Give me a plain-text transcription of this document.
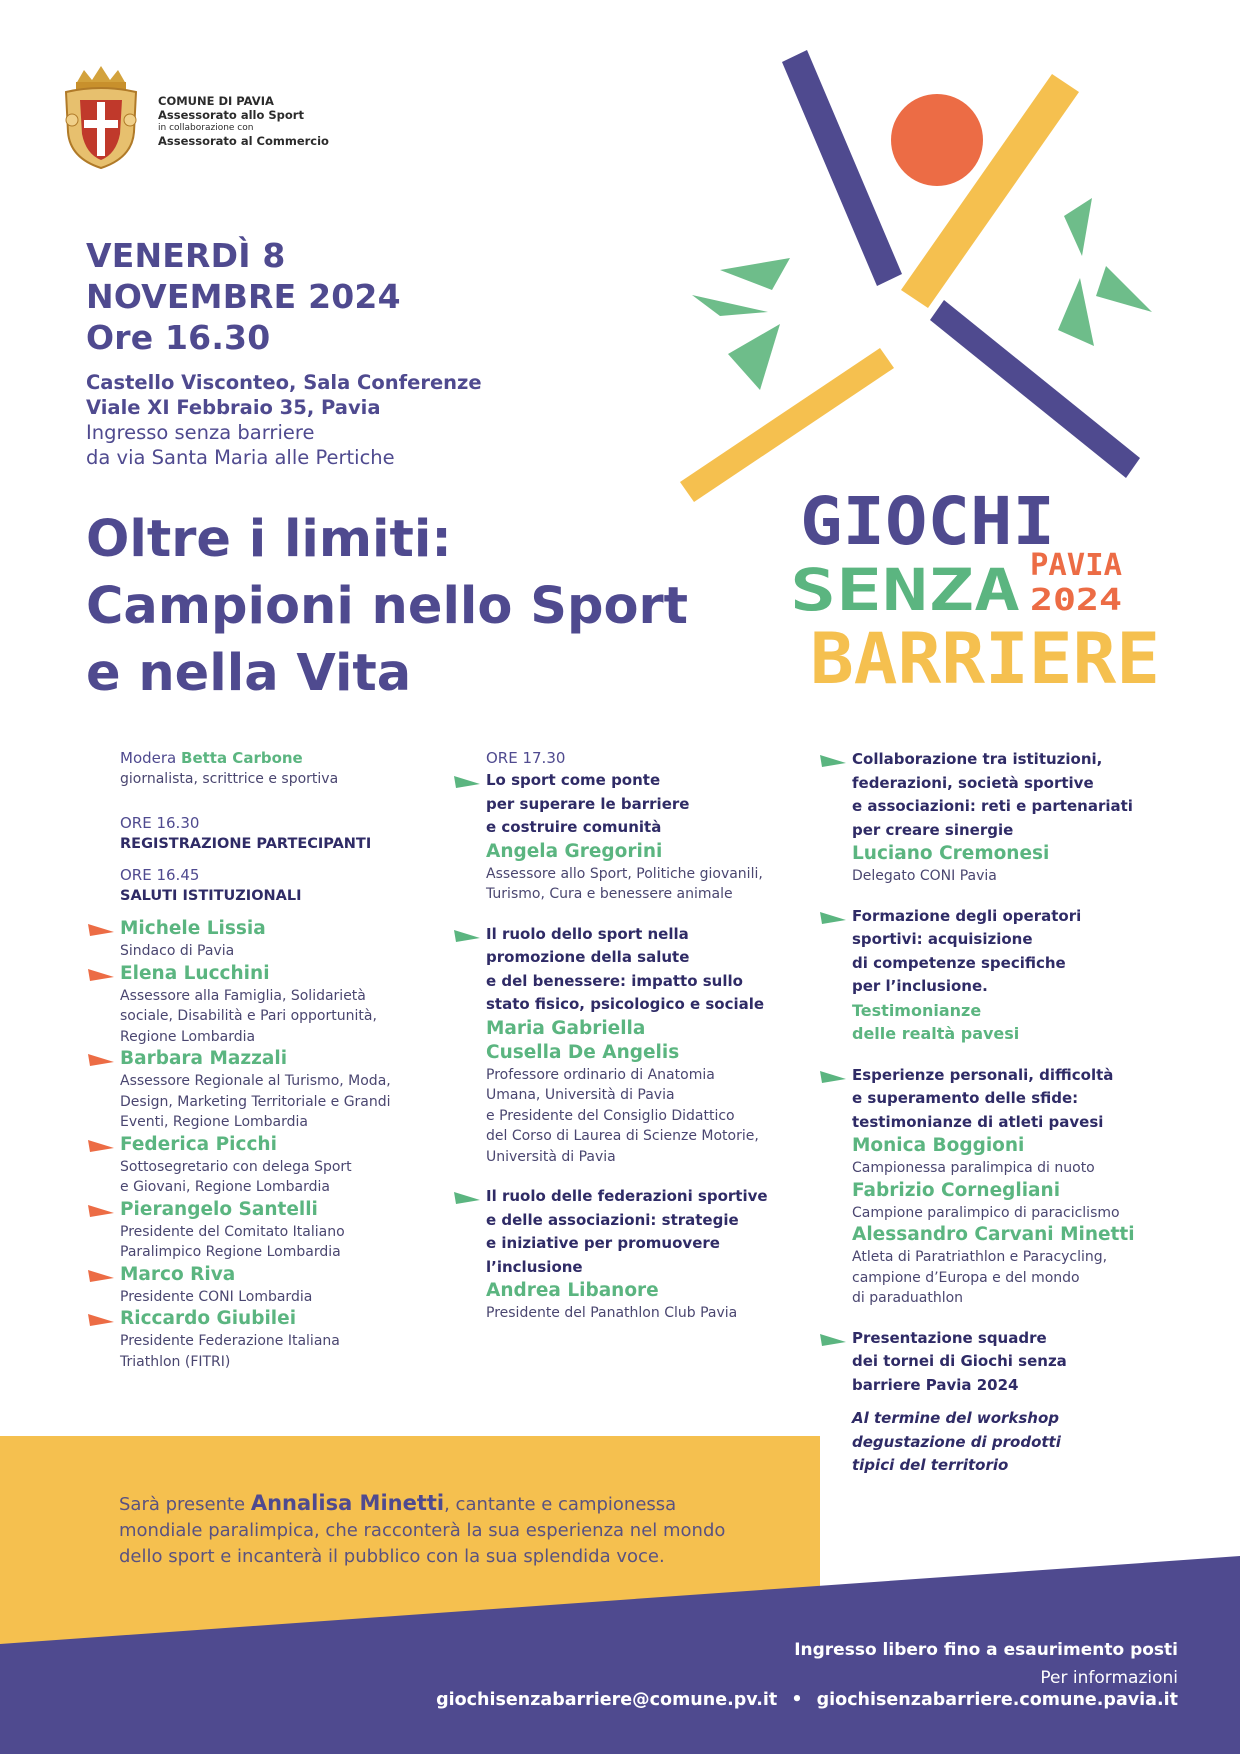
COMUNE DI PAVIA
Assessorato allo Sport
in collaborazione con
Assessorato al Commercio
VENERDÌ 8
NOVEMBRE 2024
Ore 16.30
Castello Visconteo, Sala Conferenze
Viale XI Febbraio 35, Pavia
Ingresso senza barriere
da via Santa Maria alle Pertiche
Oltre i limiti:
Campioni nello Sport
e nella Vita
GIOCHI
SENZA PAVIA
2024
BARRIERE
Modera Betta Carbone
giornalista, scrittrice e sportiva
ORE 16.30
REGISTRAZIONE PARTECIPANTI
ORE 16.45
SALUTI ISTITUZIONALI
Michele Lissia
Sindaco di Pavia
Elena Lucchini
Assessore alla Famiglia, Solidarietà
sociale, Disabilità e Pari opportunità,
Regione Lombardia
Barbara Mazzali
Assessore Regionale al Turismo, Moda,
Design, Marketing Territoriale e Grandi
Eventi, Regione Lombardia
Federica Picchi
Sottosegretario con delega Sport
e Giovani, Regione Lombardia
Pierangelo Santelli
Presidente del Comitato Italiano
Paralimpico Regione Lombardia
Marco Riva
Presidente CONI Lombardia
Riccardo Giubilei
Presidente Federazione Italiana
Triathlon (FITRI)
ORE 17.30
Lo sport come ponte
per superare le barriere
e costruire comunità
Angela Gregorini
Assessore allo Sport, Politiche giovanili,
Turismo, Cura e benessere animale
Il ruolo dello sport nella
promozione della salute
e del benessere: impatto sullo
stato fisico, psicologico e sociale
Maria Gabriella
Cusella De Angelis
Professore ordinario di Anatomia
Umana, Università di Pavia
e Presidente del Consiglio Didattico
del Corso di Laurea di Scienze Motorie,
Università di Pavia
Il ruolo delle federazioni sportive
e delle associazioni: strategie
e iniziative per promuovere
l’inclusione
Andrea Libanore
Presidente del Panathlon Club Pavia
Collaborazione tra istituzioni,
federazioni, società sportive
e associazioni: reti e partenariati
per creare sinergie
Luciano Cremonesi
Delegato CONI Pavia
Formazione degli operatori
sportivi: acquisizione
di competenze specifiche
per l’inclusione.
Testimonianze
delle realtà pavesi
Esperienze personali, difficoltà
e superamento delle sfide:
testimonianze di atleti pavesi
Monica Boggioni
Campionessa paralimpica di nuoto
Fabrizio Cornegliani
Campione paralimpico di paraciclismo
Alessandro Carvani Minetti
Atleta di Paratriathlon e Paracycling,
campione d’Europa e del mondo
di paraduathlon
Presentazione squadre
dei tornei di Giochi senza
barriere Pavia 2024
Al termine del workshop
degustazione di prodotti
tipici del territorio
Sarà presente Annalisa Minetti, cantante e campionessa
mondiale paralimpica, che racconterà la sua esperienza nel mondo
dello sport e incanterà il pubblico con la sua splendida voce.
Ingresso libero fino a esaurimento posti
Per informazioni
giochisenzabarriere@comune.pv.it • giochisenzabarriere.comune.pavia.it
